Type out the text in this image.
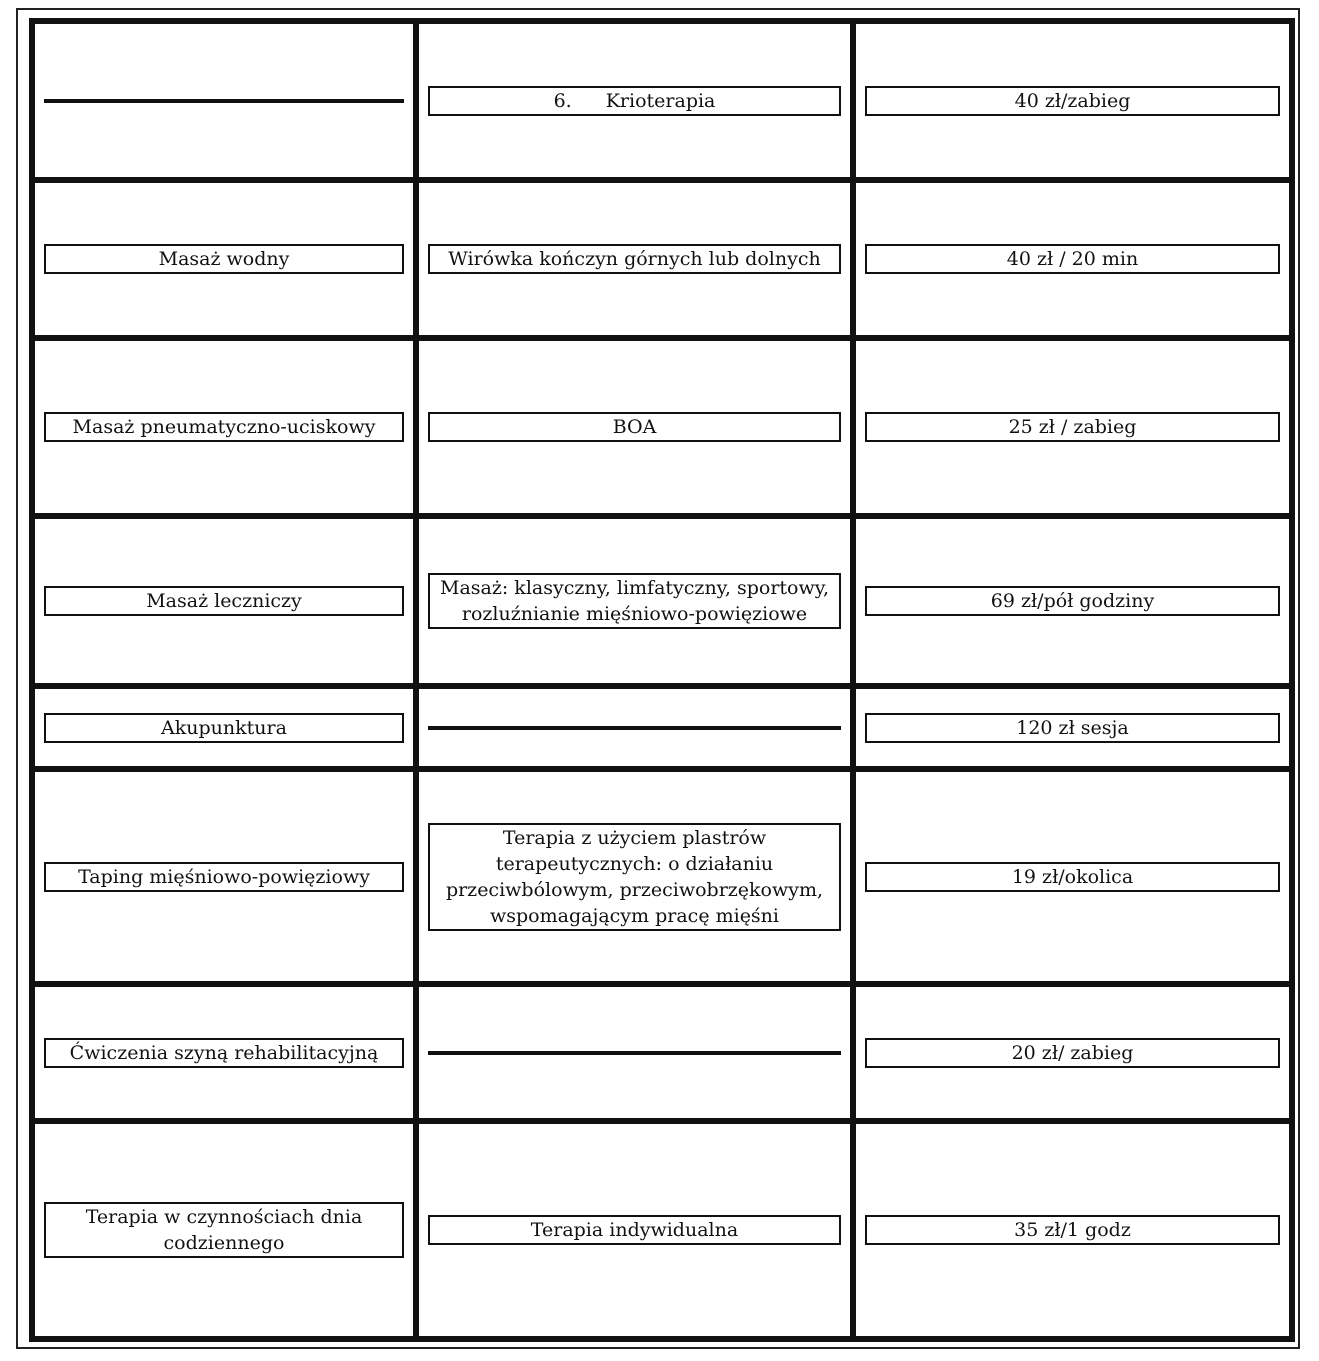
	6. Krioterapia	40 zł/zabieg

Masaż wodny	Wirówka kończyn górnych lub dolnych	40 zł / 20 min

Masaż pneumatyczno-uciskowy	BOA	25 zł / zabieg

Masaż leczniczy	Masaż: klasyczny, limfatyczny, sportowy,
rozluźnianie mięśniowo-powięziowe	69 zł/pół godziny

Akupunktura		120 zł sesja

Taping mięśniowo-powięziowy	Terapia z użyciem plastrów
terapeutycznych: o działaniu
przeciwbólowym, przeciwobrzękowym,
wspomagającym pracę mięśni	19 zł/okolica

Ćwiczenia szyną rehabilitacyjną		20 zł/ zabieg

Terapia w czynnościach dnia
codziennego	Terapia indywidualna	35 zł/1 godz
